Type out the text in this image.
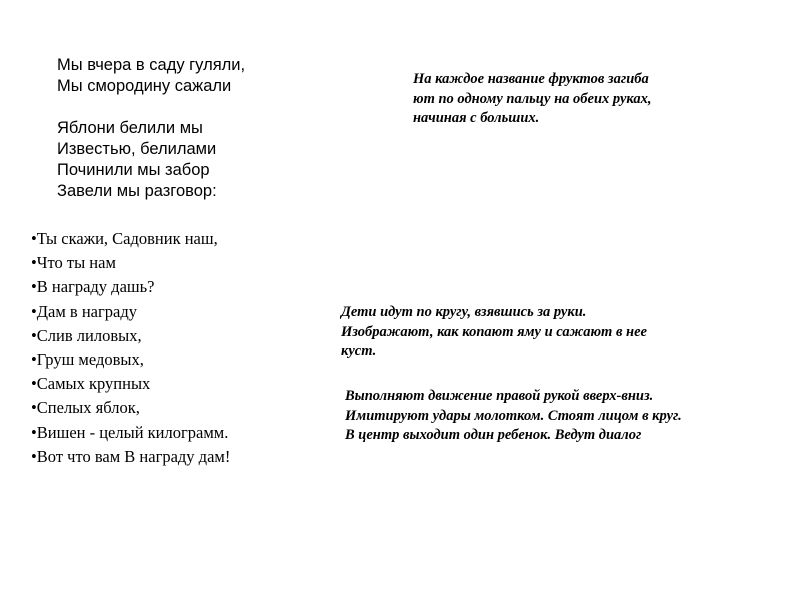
Мы вчера в саду гуляли,
Мы смородину сажали
Яблони белили мы
Известью, белилами
Починили мы забор
Завели мы разговор:
•Ты скажи, Садовник наш,
•Что ты нам
•В награду дашь?
•Дам в награду
•Слив лиловых,
•Груш медовых,
•Самых крупных
•Спелых яблок,
•Вишен - целый килограмм.
•Вот что вам В награду дам!
На каждое название фруктов загиба
ют по одному пальцу на обеих руках,
начиная с больших.
Дети идут по кругу, взявшись за руки.
Изображают, как копают яму и сажают в нее
куст.
Выполняют движение правой рукой вверх-вниз.
Имитируют удары молотком. Стоят лицом в круг.
В центр выходит один ребенок. Ведут диалог
